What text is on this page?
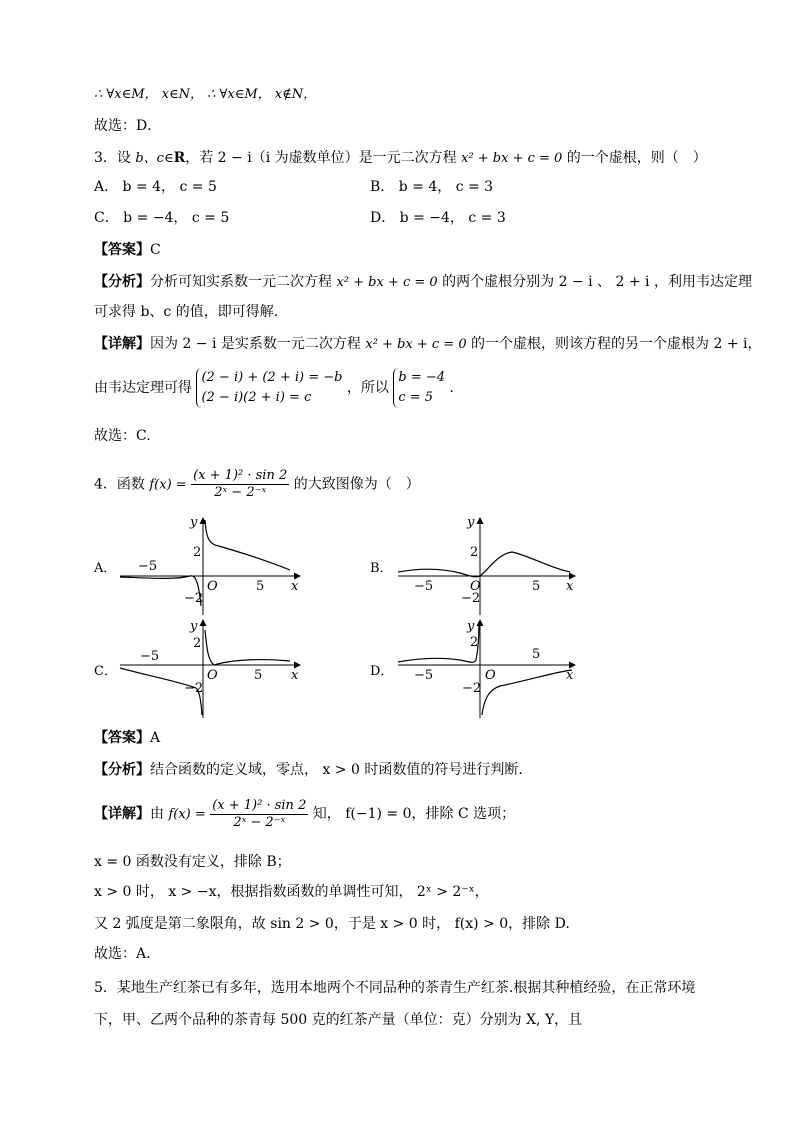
∴ ∀x∈M， x∈N， ∴ ∀x∈M， x∉N，
故选：D．
3．设 b、c∈R，若 2 − i（i 为虚数单位）是一元二次方程 x² + bx + c = 0 的一个虚根，则（　）
A． b = 4， c = 5	B． b = 4， c = 3
C． b = −4， c = 5	D． b = −4， c = 3
【答案】C
【分析】分析可知实系数一元二次方程 x² + bx + c = 0 的两个虚根分别为 2 − i 、 2 + i ，利用韦达定理
可求得 b、c 的值，即可得解.
【详解】因为 2 − i 是实系数一元二次方程 x² + bx + c = 0 的一个虚根，则该方程的另一个虚根为 2 + i，
由韦达定理可得
(2 − i) + (2 + i) = −b
(2 − i)(2 + i) = c
，所以
b = −4
c = 5
．
故选：C.
4．函数 $f(x) = \frac{\text{(x + 1)² · sin 2}}{\text{2ˣ − 2⁻ˣ}}$ 的大致图像为（　）
A．
y
x
O
2
−2
−5
5
B．
y
x
O
2
−2
−5	5
C．
y
x
O
2
−2
−5
5	D．
y
x
O
2
−2
−5
5
【答案】A
【分析】结合函数的定义域，零点， x > 0 时函数值的符号进行判断.
【详解】由 $f(x) = \frac{\text{(x + 1)² · sin 2}}{\text{2ˣ − 2⁻ˣ}}$ 知， f(−1) = 0，排除 C 选项；
x = 0 函数没有定义，排除 B；
x > 0 时， x > −x，根据指数函数的单调性可知， 2ˣ > 2⁻ˣ，
又 2 弧度是第二象限角，故 sin 2 > 0，于是 x > 0 时， f(x) > 0，排除 D.
故选：A.
5．某地生产红茶已有多年，选用本地两个不同品种的茶青生产红茶.根据其种植经验，在正常环境
下，甲、乙两个品种的茶青每 500 克的红茶产量（单位：克）分别为 X, Y，且
